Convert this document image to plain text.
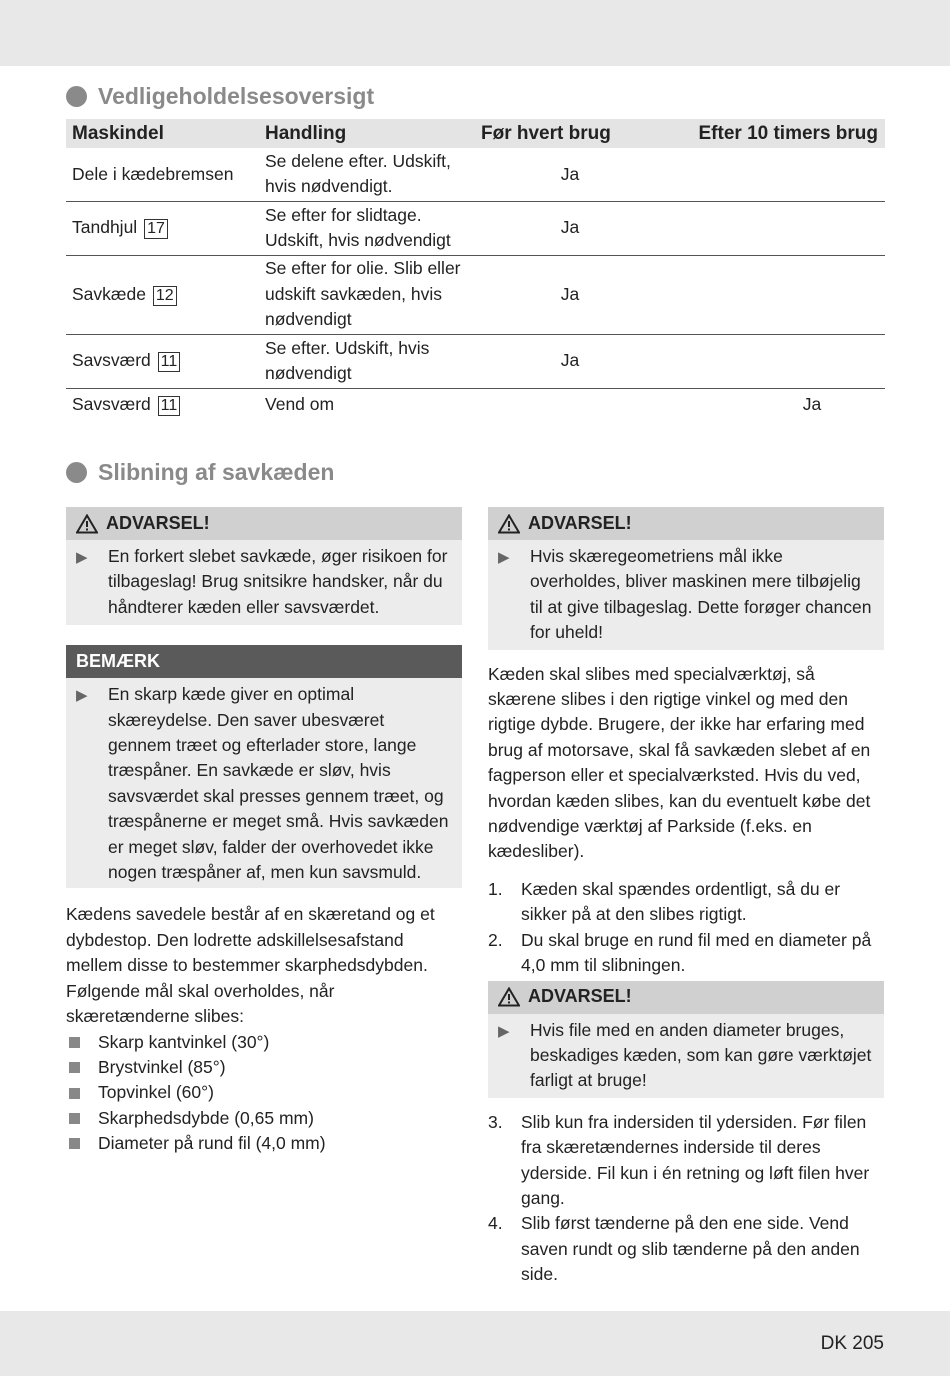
Vedligeholdelsesoversigt
Maskindel	Handling	Før hvert brug	Efter 10 timers brug
Dele i kædebremsen	Se delene efter. Udskift, hvis nødvendigt.	Ja	
Tandhjul 17	Se efter for slidtage. Udskift, hvis nødvendigt	Ja	
Savkæde 12	Se efter for olie. Slib eller udskift savkæden, hvis nødvendigt	Ja	
Savsværd 11	Se efter. Udskift, hvis nødvendigt	Ja	
Savsværd 11	Vend om		Ja
Slibning af savkæden
ADVARSEL!
▶	En forkert slebet savkæde, øger risikoen for tilbageslag! Brug snitsikre handsker, når du håndterer kæden eller savsværdet.
BEMÆRK
▶	En skarp kæde giver en optimal skæreydelse. Den saver ubesværet gennem træet og efterlader store, lange træspåner. En savkæde er sløv, hvis savsværdet skal presses gennem træet, og træspånerne er meget små. Hvis savkæden er meget sløv, falder der overhovedet ikke nogen træspåner af, men kun savsmuld.

Kædens savedele består af en skæretand og et dybdestop. Den lodrette adskillelsesafstand mellem disse to bestemmer skarphedsdybden. Følgende mål skal overholdes, når skæretænderne slibes:

Skarp kantvinkel (30°)
Brystvinkel (85°)
Topvinkel (60°)
Skarphedsdybde (0,65 mm)
Diameter på rund fil (4,0 mm)
ADVARSEL!
▶	Hvis skæregeometriens mål ikke overholdes, bliver maskinen mere tilbøjelig til at give tilbageslag. Dette forøger chancen for uheld!

Kæden skal slibes med specialværktøj, så skærene slibes i den rigtige vinkel og med den rigtige dybde. Brugere, der ikke har erfaring med brug af motorsave, skal få savkæden slebet af en fagperson eller et specialværksted. Hvis du ved, hvordan kæden slibes, kan du eventuelt købe det nødvendige værktøj af Parkside (f.eks. en kædesliber).

1.	Kæden skal spændes ordentligt, så du er sikker på at den slibes rigtigt.
2.	Du skal bruge en rund fil med en diameter på 4,0 mm til slibningen.
ADVARSEL!
▶	Hvis file med en anden diameter bruges, beskadiges kæden, som kan gøre værktøjet farligt at bruge!
3.	Slib kun fra indersiden til ydersiden. Før filen fra skæretændernes inderside til deres yderside. Fil kun i én retning og løft filen hver gang.
4.	Slib først tænderne på den ene side. Vend saven rundt og slib tænderne på den anden side.
DK 205
